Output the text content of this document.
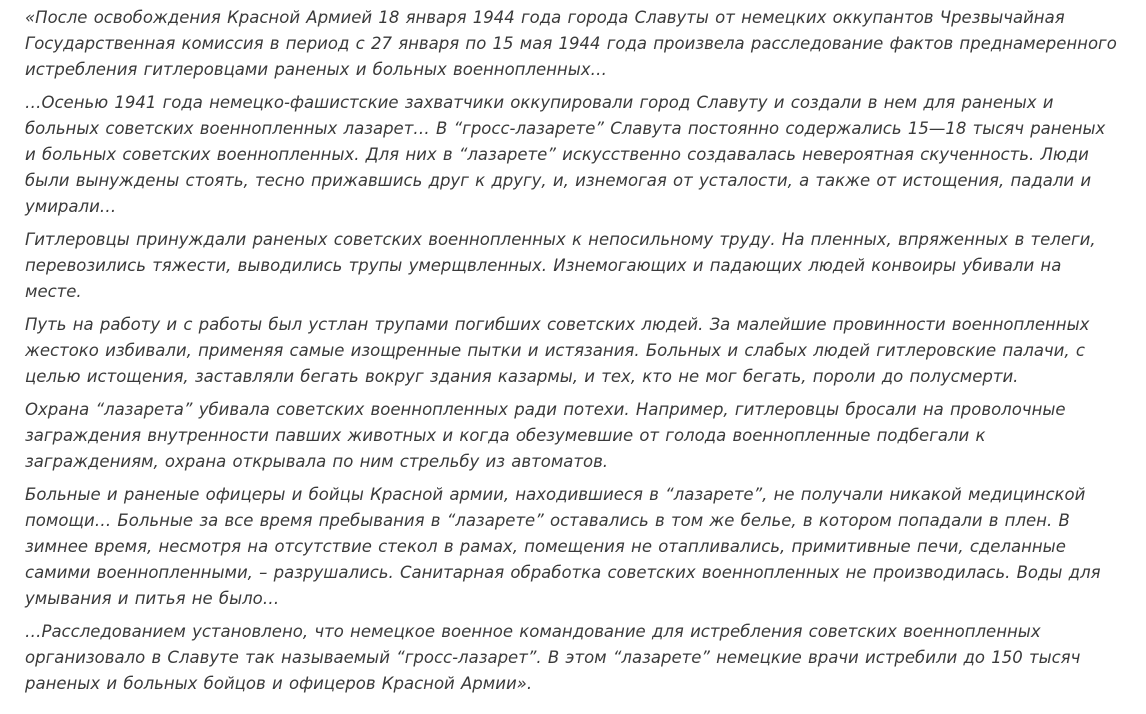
«После освобождения Красной Армией 18 января 1944 года города Славуты от немецких оккупантов Чрезвычайная Государственная комиссия в период с 27 января по 15 мая 1944 года произвела расследование фактов преднамеренного истребления гитлеровцами раненых и больных военнопленных…

…Осенью 1941 года немецко-фашистские захватчики оккупировали город Славуту и создали в нем для раненых и больных советских военнопленных лазарет… В “гросс-лазарете” Славута постоянно содержались 15—18 тысяч раненых и больных советских военнопленных. Для них в “лазарете” искусственно создавалась невероятная скученность. Люди были вынуждены стоять, тесно прижавшись друг к другу, и, изнемогая от усталости, а также от истощения, падали и умирали…

Гитлеровцы принуждали раненых советских военнопленных к непосильному труду. На пленных, впряженных в телеги, перевозились тяжести, выводились трупы умерщвленных. Изнемогающих и падающих людей конвоиры убивали на месте.

Путь на работу и с работы был устлан трупами погибших советских людей. За малейшие провинности военнопленных жестоко избивали, применяя самые изощренные пытки и истязания. Больных и слабых людей гитлеровские палачи, с целью истощения, заставляли бегать вокруг здания казармы, и тех, кто не мог бегать, пороли до полусмерти.

Охрана “лазарета” убивала советских военнопленных ради потехи. Например, гитлеровцы бросали на проволочные заграждения внутренности павших животных и когда обезумевшие от голода военнопленные подбегали к заграждениям, охрана открывала по ним стрельбу из автоматов.

Больные и раненые офицеры и бойцы Красной армии, находившиеся в “лазарете”, не получали никакой медицинской помощи… Больные за все время пребывания в “лазарете” оставались в том же белье, в котором попадали в плен. В зимнее время, несмотря на отсутствие стекол в рамах, помещения не отапливались, примитивные печи, сделанные самими военнопленными, – разрушались. Санитарная обработка советских военнопленных не производилась. Воды для умывания и питья не было…

…Расследованием установлено, что немецкое военное командование для истребления советских военнопленных организовало в Славуте так называемый “гросс-лазарет”. В этом “лазарете” немецкие врачи истребили до 150 тысяч раненых и больных бойцов и офицеров Красной Армии».
